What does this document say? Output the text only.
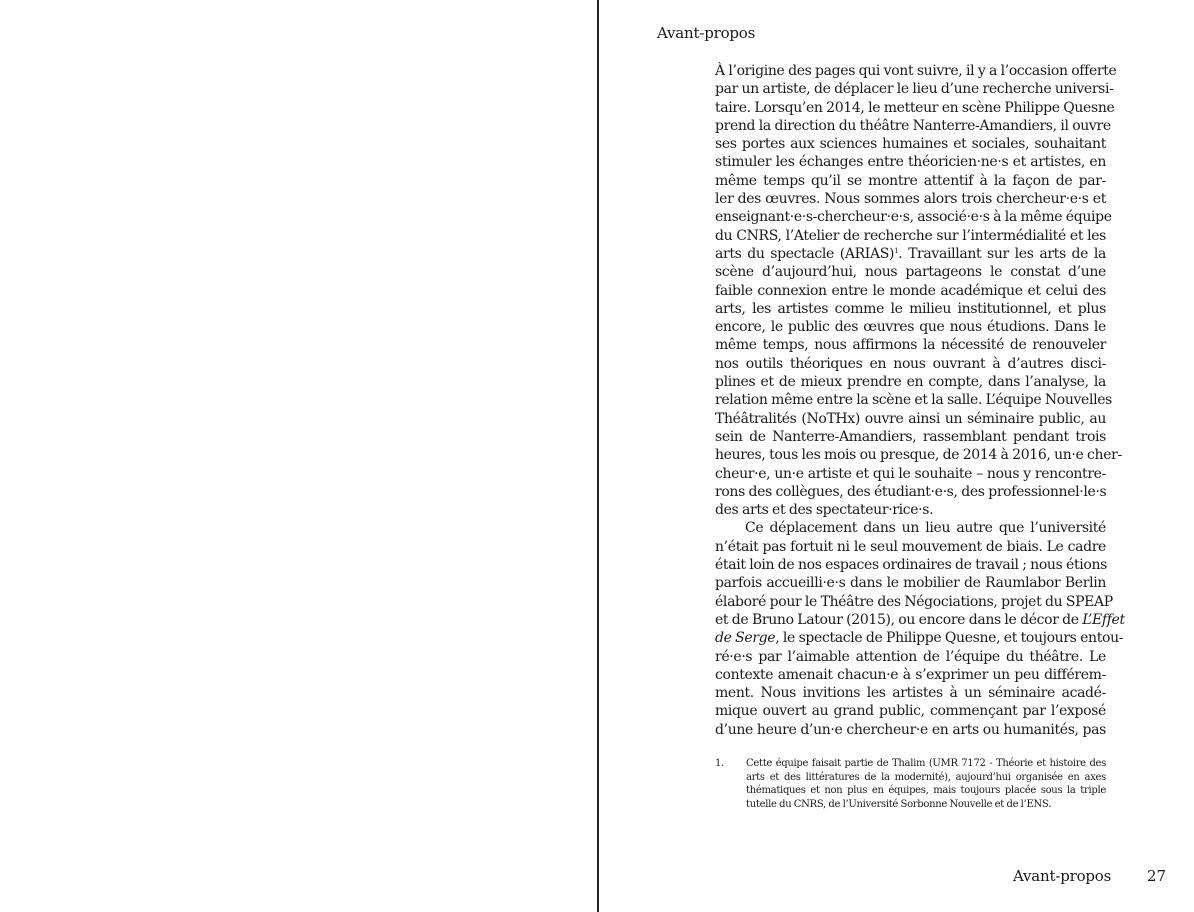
Avant-propos
À l’origine des pages qui vont suivre, il y a l’occasion offerte
par un artiste, de déplacer le lieu d’une recherche universi-
taire. Lorsqu’en 2014, le metteur en scène Philippe Quesne
prend la direction du théâtre Nanterre-Amandiers, il ouvre
ses portes aux sciences humaines et sociales, souhaitant
stimuler les échanges entre théoricien·ne·s et artistes, en
même temps qu’il se montre attentif à la façon de par-
ler des œuvres. Nous sommes alors trois chercheur·e·s et
enseignant·e·s-chercheur·e·s, associé·e·s à la même équipe
du CNRS, l’Atelier de recherche sur l’intermédialité et les
arts du spectacle (ARIAS)$^1$. Travaillant sur les arts de la
scène d’aujourd’hui, nous partageons le constat d’une
faible connexion entre le monde académique et celui des
arts, les artistes comme le milieu institutionnel, et plus
encore, le public des œuvres que nous étudions. Dans le
même temps, nous affirmons la nécessité de renouveler
nos outils théoriques en nous ouvrant à d’autres disci-
plines et de mieux prendre en compte, dans l’analyse, la
relation même entre la scène et la salle. L’équipe Nouvelles
Théâtralités (NoTHx) ouvre ainsi un séminaire public, au
sein de Nanterre-Amandiers, rassemblant pendant trois
heures, tous les mois ou presque, de 2014 à 2016, un·e cher-
cheur·e, un·e artiste et qui le souhaite – nous y rencontre-
rons des collègues, des étudiant·e·s, des professionnel·le·s
des arts et des spectateur·rice·s.
Ce déplacement dans un lieu autre que l’université
n’était pas fortuit ni le seul mouvement de biais. Le cadre
était loin de nos espaces ordinaires de travail ; nous étions
parfois accueilli·e·s dans le mobilier de Raumlabor Berlin
élaboré pour le Théâtre des Négociations, projet du SPEAP
et de Bruno Latour (2015), ou encore dans le décor de L’Effet
de Serge, le spectacle de Philippe Quesne, et toujours entou-
ré·e·s par l’aimable attention de l’équipe du théâtre. Le
contexte amenait chacun·e à s’exprimer un peu différem-
ment. Nous invitions les artistes à un séminaire acadé-
mique ouvert au grand public, commençant par l’exposé
d’une heure d’un·e chercheur·e en arts ou humanités, pas
1. Cette équipe faisait partie de Thalim (UMR 7172 - Théorie et histoire des
arts et des littératures de la modernité), aujourd’hui organisée en axes
thématiques et non plus en équipes, mais toujours placée sous la triple
tutelle du CNRS, de l’Université Sorbonne Nouvelle et de l’ENS.
Avant-propos 27
